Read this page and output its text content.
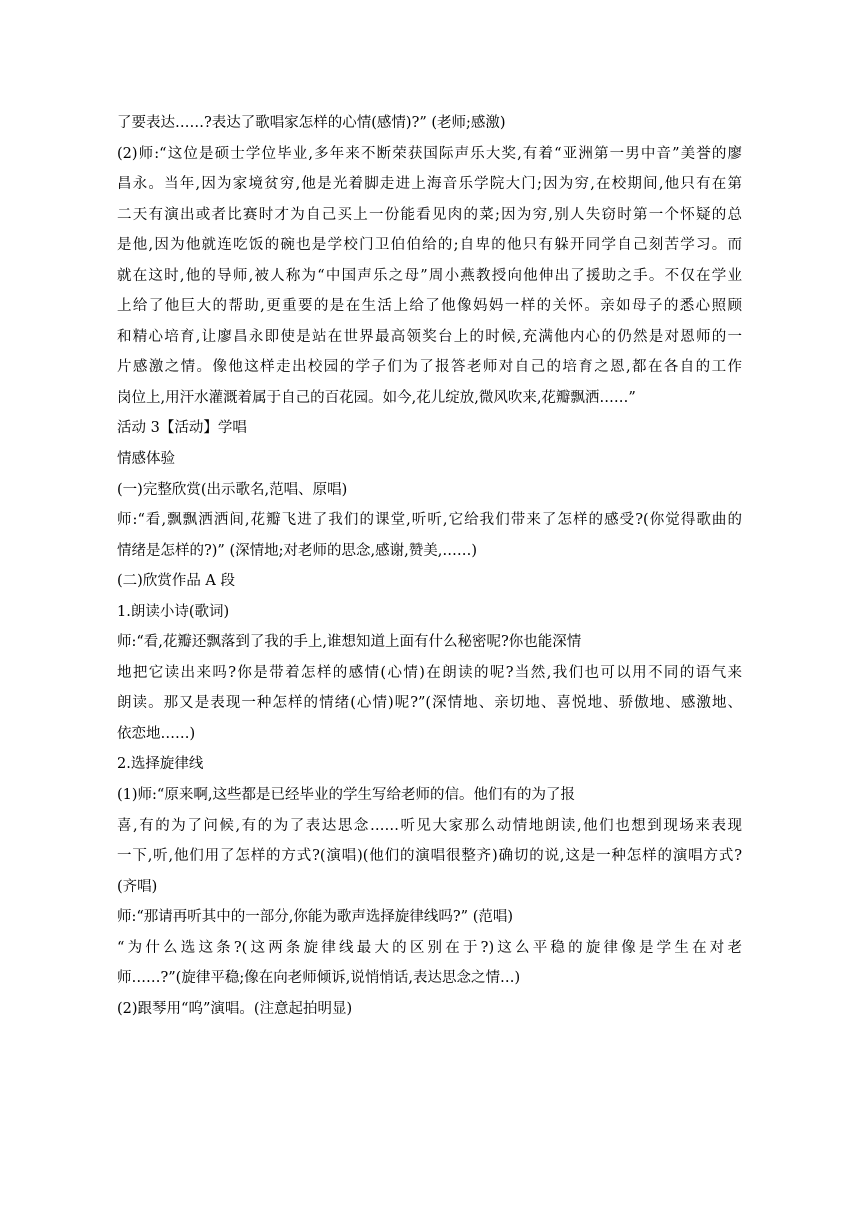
了要表达……?表达了歌唱家怎样的心情(感情)?” (老师;感激)

(2)师:“这位是硕士学位毕业,多年来不断荣获国际声乐大奖,有着“亚洲第一男中音”美誉的廖

昌永。当年,因为家境贫穷,他是光着脚走进上海音乐学院大门;因为穷,在校期间,他只有在第

二天有演出或者比赛时才为自己买上一份能看见肉的菜;因为穷,别人失窃时第一个怀疑的总

是他,因为他就连吃饭的碗也是学校门卫伯伯给的;自卑的他只有躲开同学自己刻苦学习。而

就在这时,他的导师,被人称为“中国声乐之母”周小燕教授向他伸出了援助之手。不仅在学业

上给了他巨大的帮助,更重要的是在生活上给了他像妈妈一样的关怀。亲如母子的悉心照顾

和精心培育,让廖昌永即使是站在世界最高领奖台上的时候,充满他内心的仍然是对恩师的一

片感激之情。像他这样走出校园的学子们为了报答老师对自己的培育之恩,都在各自的工作

岗位上,用汗水灌溉着属于自己的百花园。如今,花儿绽放,微风吹来,花瓣飘洒……”

活动 3【活动】学唱

情感体验

(一)完整欣赏(出示歌名,范唱、原唱)

师:“看,飘飘洒洒间,花瓣飞进了我们的课堂,听听,它给我们带来了怎样的感受?(你觉得歌曲的

情绪是怎样的?)” (深情地;对老师的思念,感谢,赞美,……)

(二)欣赏作品 A 段

1.朗读小诗(歌词)

师:“看,花瓣还飘落到了我的手上,谁想知道上面有什么秘密呢?你也能深情

地把它读出来吗?你是带着怎样的感情(心情)在朗读的呢?当然,我们也可以用不同的语气来

朗读。那又是表现一种怎样的情绪(心情)呢?”(深情地、亲切地、喜悦地、骄傲地、感激地、

依恋地……)

2.选择旋律线

(1)师:“原来啊,这些都是已经毕业的学生写给老师的信。他们有的为了报

喜,有的为了问候,有的为了表达思念……听见大家那么动情地朗读,他们也想到现场来表现

一下,听,他们用了怎样的方式?(演唱)(他们的演唱很整齐)确切的说,这是一种怎样的演唱方式?

(齐唱)

师:“那请再听其中的一部分,你能为歌声选择旋律线吗?” (范唱)

“为什么选这条?(这两条旋律线最大的区别在于?)这么平稳的旋律像是学生在对老

师……?”(旋律平稳;像在向老师倾诉,说悄悄话,表达思念之情…)

(2)跟琴用“呜”演唱。(注意起拍明显)
